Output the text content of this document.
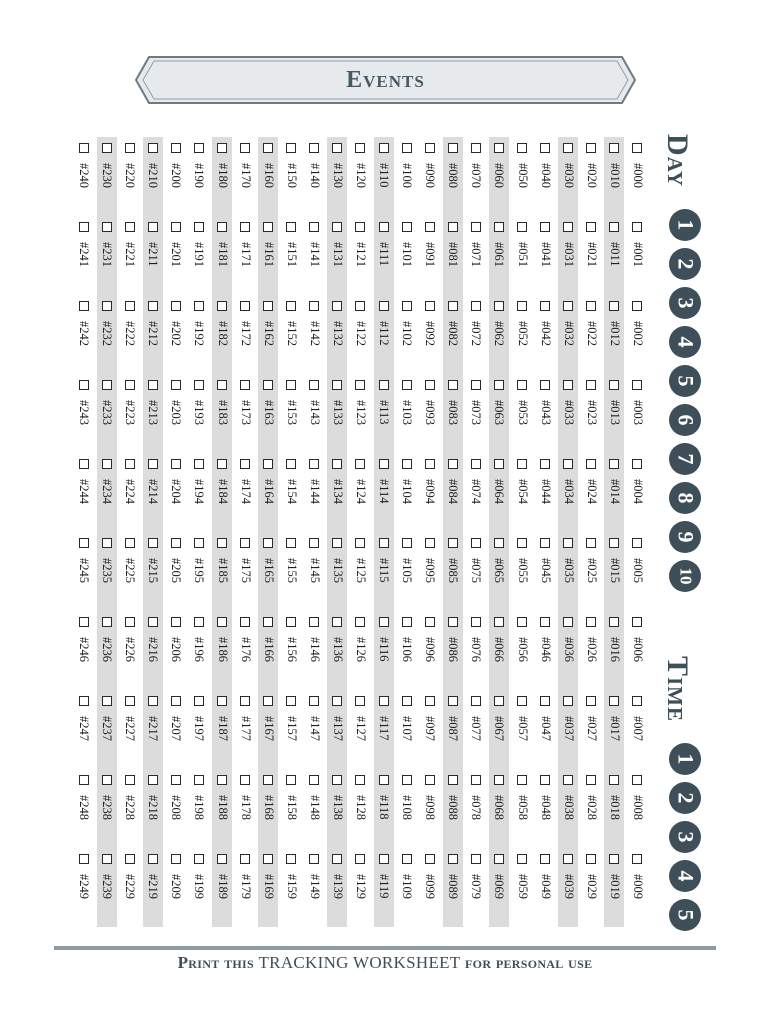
Events
#000
#001
#002
#003
#004
#005
#006
#007
#008
#009
#010
#011
#012
#013
#014
#015
#016
#017
#018
#019
#020
#021
#022
#023
#024
#025
#026
#027
#028
#029
#030
#031
#032
#033
#034
#035
#036
#037
#038
#039
#040
#041
#042
#043
#044
#045
#046
#047
#048
#049
#050
#051
#052
#053
#054
#055
#056
#057
#058
#059
#060
#061
#062
#063
#064
#065
#066
#067
#068
#069
#070
#071
#072
#073
#074
#075
#076
#077
#078
#079
#080
#081
#082
#083
#084
#085
#086
#087
#088
#089
#090
#091
#092
#093
#094
#095
#096
#097
#098
#099
#100
#101
#102
#103
#104
#105
#106
#107
#108
#109
#110
#111
#112
#113
#114
#115
#116
#117
#118
#119
#120
#121
#122
#123
#124
#125
#126
#127
#128
#129
#130
#131
#132
#133
#134
#135
#136
#137
#138
#139
#140
#141
#142
#143
#144
#145
#146
#147
#148
#149
#150
#151
#152
#153
#154
#155
#156
#157
#158
#159
#160
#161
#162
#163
#164
#165
#166
#167
#168
#169
#170
#171
#172
#173
#174
#175
#176
#177
#178
#179
#180
#181
#182
#183
#184
#185
#186
#187
#188
#189
#190
#191
#192
#193
#194
#195
#196
#197
#198
#199
#200
#201
#202
#203
#204
#205
#206
#207
#208
#209
#210
#211
#212
#213
#214
#215
#216
#217
#218
#219
#220
#221
#222
#223
#224
#225
#226
#227
#228
#229
#230
#231
#232
#233
#234
#235
#236
#237
#238
#239
#240
#241
#242
#243
#244
#245
#246
#247
#248
#249
Day
1
2
3
4
5
6
7
8
9
10
Time
1
2
3
4
5
Print this TRACKING WORKSHEET for personal use
